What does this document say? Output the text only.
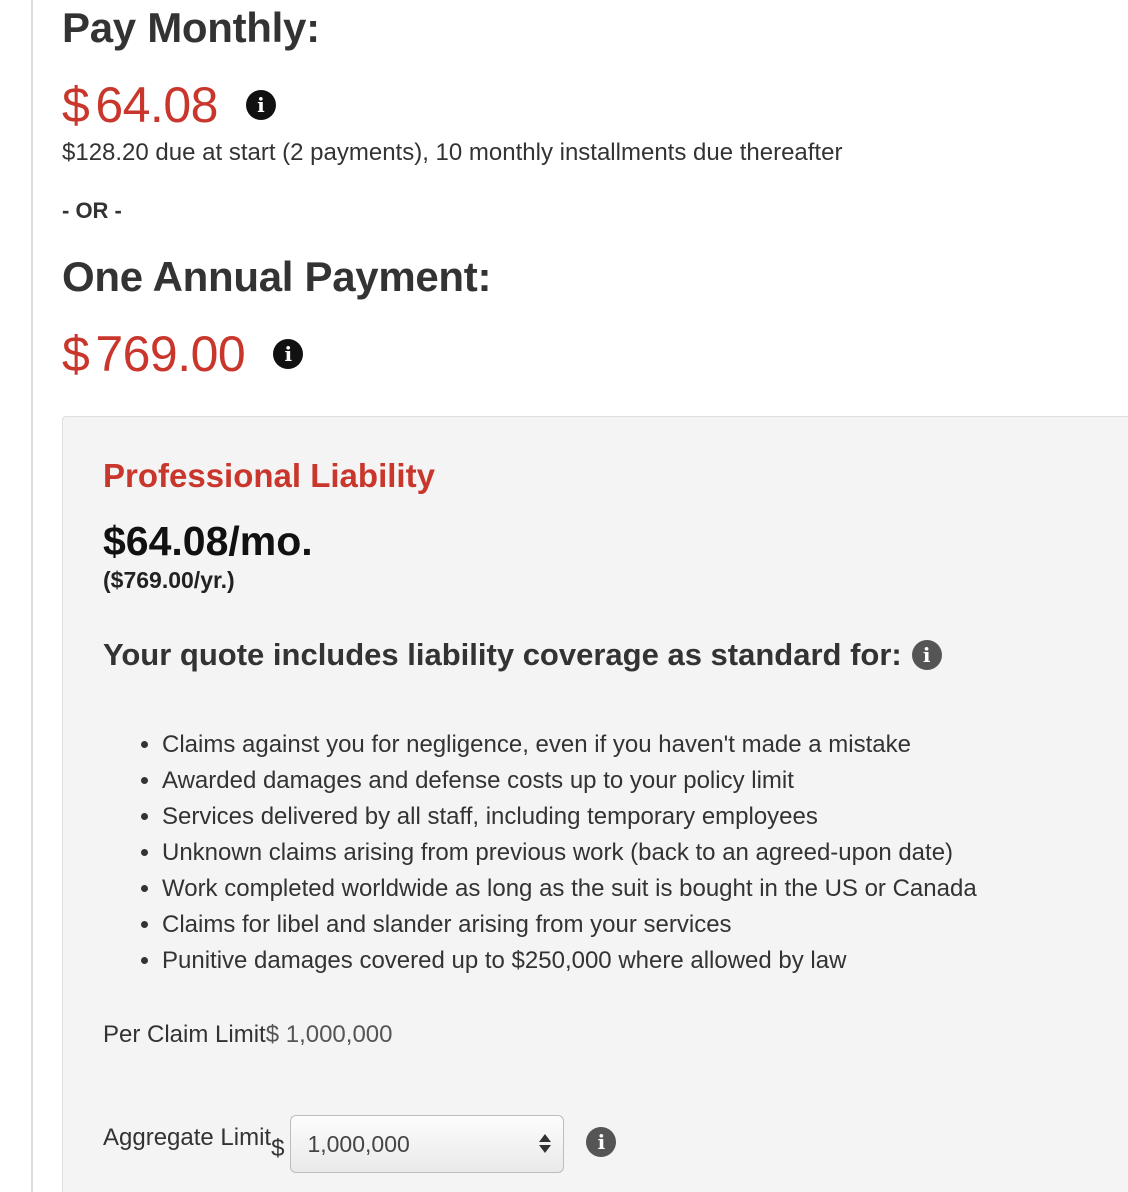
Pay Monthly:
$ 64.08	i
$128.20 due at start (2 payments), 10 monthly installments due thereafter
- OR -
One Annual Payment:
$ 769.00	i
Professional Liability
$64.08/mo.
($769.00/yr.)
Your quote includes liability coverage as standard for:	i
• Claims against you for negligence, even if you haven't made a mistake
• Awarded damages and defense costs up to your policy limit
• Services delivered by all staff, including temporary employees
• Unknown claims arising from previous work (back to an agreed-upon date)
• Work completed worldwide as long as the suit is bought in the US or Canada
• Claims for libel and slander arising from your services
• Punitive damages covered up to $250,000 where allowed by law
Per Claim Limit $ 1,000,000
Aggregate Limit $ 1,000,000	i
